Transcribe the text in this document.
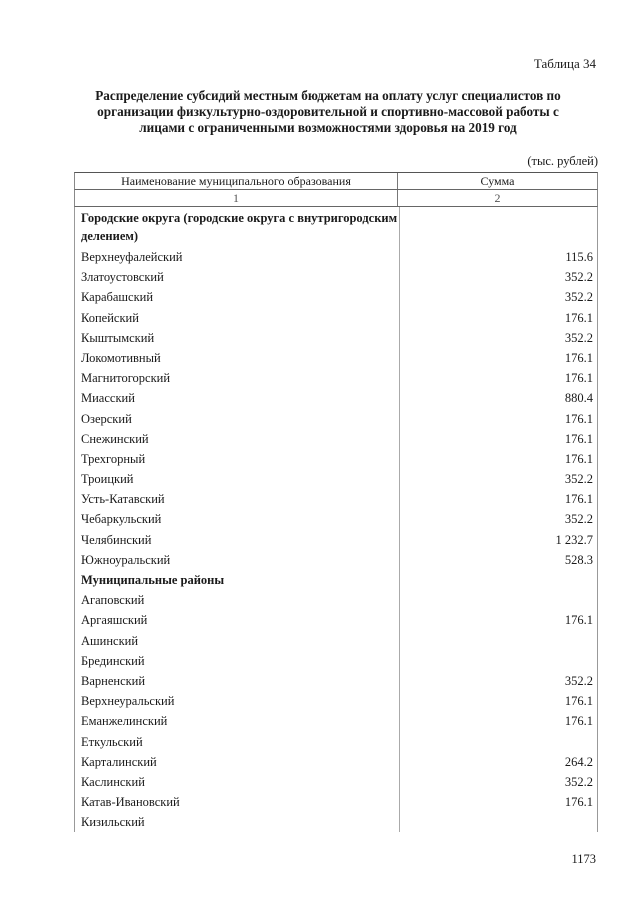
Таблица 34
Распределение субсидий местным бюджетам на оплату услуг специалистов по организации физкультурно-оздоровительной и спортивно-массовой работы с лицами с ограниченными возможностями здоровья на 2019 год
(тыс. рублей)
Наименование муниципального образования	Сумма
1	2
Городские округа (городские округа с внутригородским делением)
Верхнеуфалейский	115.6
Златоустовский	352.2
Карабашский	352.2
Копейский	176.1
Кыштымский	352.2
Локомотивный	176.1
Магнитогорский	176.1
Миасский	880.4
Озерский	176.1
Снежинский	176.1
Трехгорный	176.1
Троицкий	352.2
Усть-Катавский	176.1
Чебаркульский	352.2
Челябинский	1 232.7
Южноуральский	528.3
Муниципальные районы
Агаповский
Аргаяшский	176.1
Ашинский
Брединский
Варненский	352.2
Верхнеуральский	176.1
Еманжелинский	176.1
Еткульский
Карталинский	264.2
Каслинский	352.2
Катав-Ивановский	176.1
Кизильский
1173
